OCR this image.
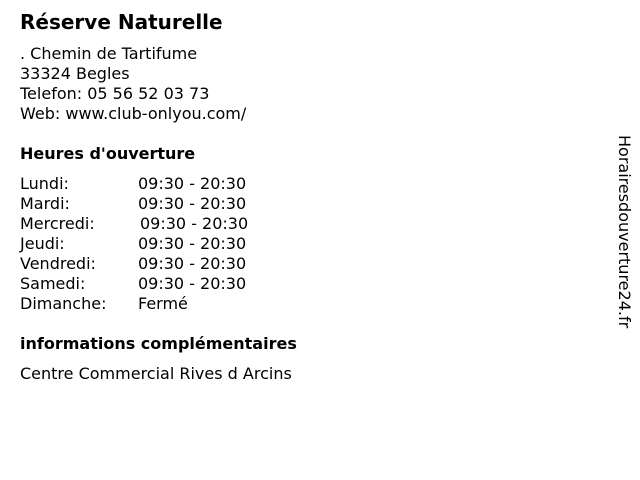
Réserve Naturelle
. Chemin de Tartifume
33324 Begles
Telefon: 05 56 52 03 73
Web: www.club-onlyou.com/
Heures d'ouverture
Lundi:	09:30 - 20:30
Mardi:	09:30 - 20:30
Mercredi:	09:30 - 20:30
Jeudi:	09:30 - 20:30
Vendredi:	09:30 - 20:30
Samedi:	09:30 - 20:30
Dimanche: Fermé
informations complémentaires
Centre Commercial Rives d Arcins
Horairesdouverture24.fr
